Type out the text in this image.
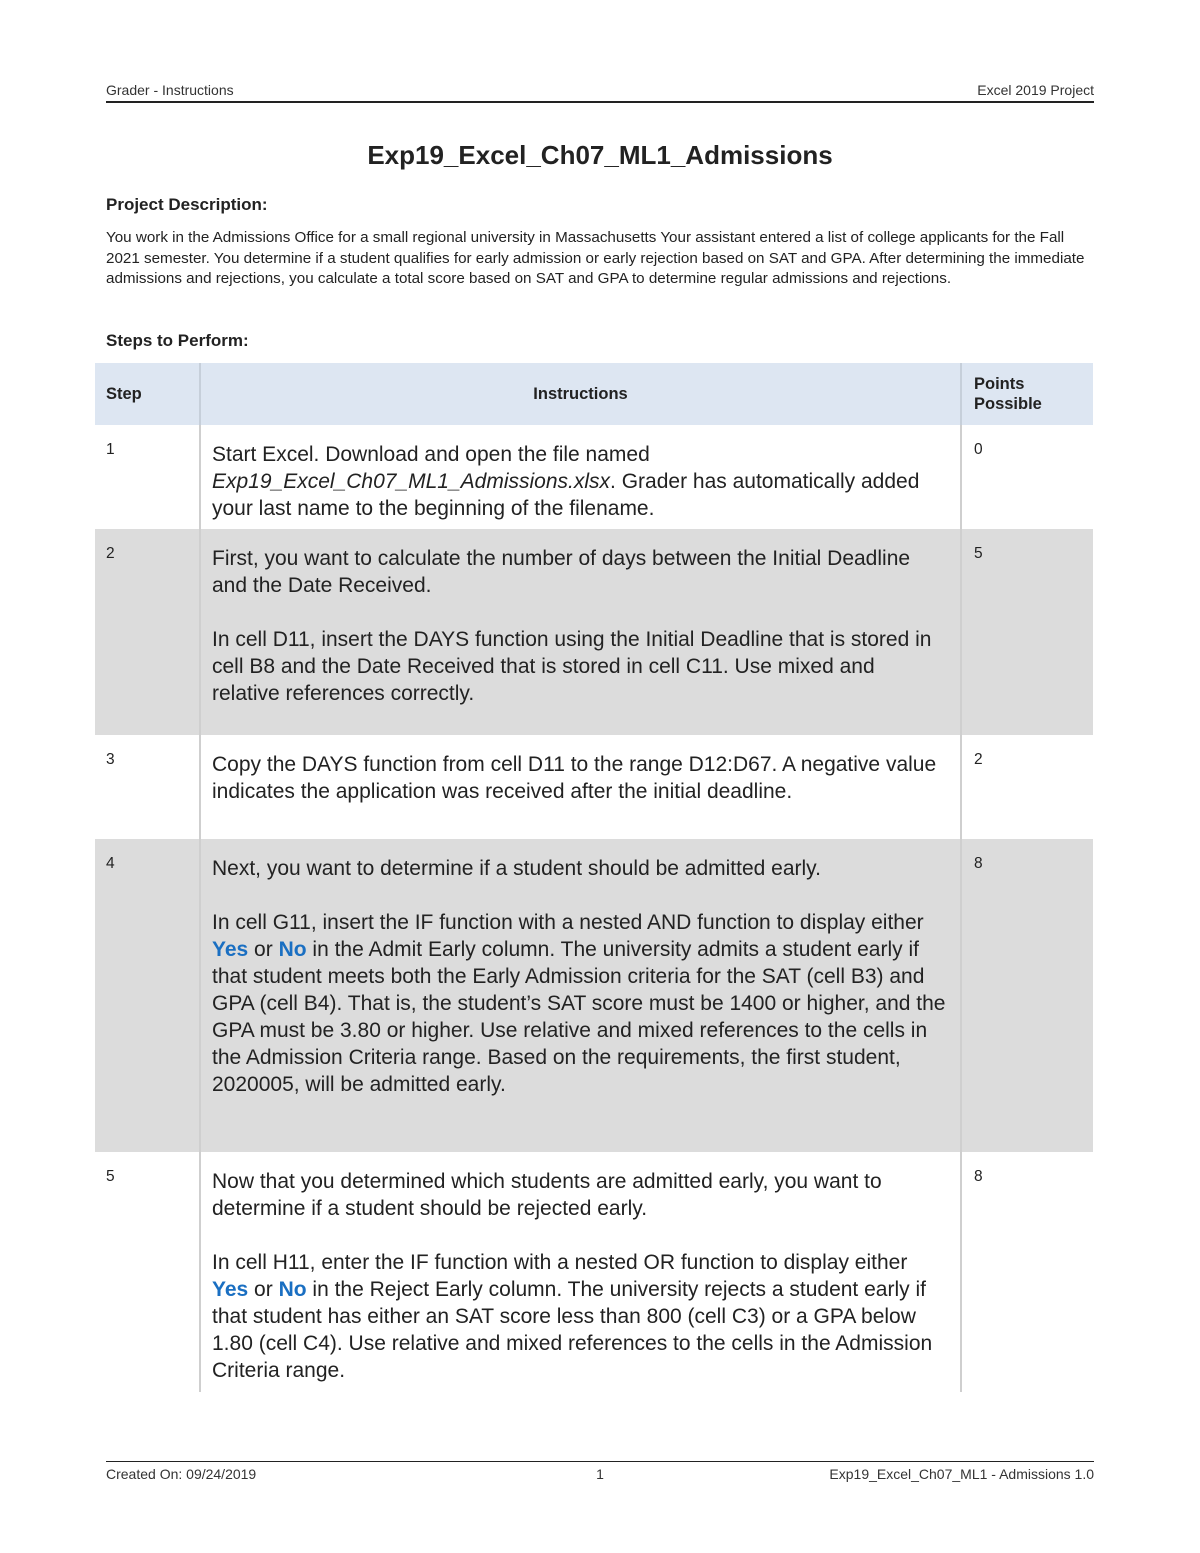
Grader - Instructions	Excel 2019 Project
Exp19_Excel_Ch07_ML1_Admissions
Project Description:
You work in the Admissions Office for a small regional university in Massachusetts Your assistant entered a list of college applicants for the Fall 2021 semester. You determine if a student qualifies for early admission or early rejection based on SAT and GPA. After determining the immediate admissions and rejections, you calculate a total score based on SAT and GPA to determine regular admissions and rejections.
Steps to Perform:
Step	Instructions	Points Possible
1	Start Excel. Download and open the file named Exp19_Excel_Ch07_ML1_Admissions.xlsx. Grader has automatically added your last name to the beginning of the filename.	0
2	First, you want to calculate the number of days between the Initial Deadline and the Date Received.

In cell D11, insert the DAYS function using the Initial Deadline that is stored in cell B8 and the Date Received that is stored in cell C11. Use mixed and relative references correctly.	5
3	Copy the DAYS function from cell D11 to the range D12:D67. A negative value indicates the application was received after the initial deadline.	2
4	Next, you want to determine if a student should be admitted early.

In cell G11, insert the IF function with a nested AND function to display either Yes or No in the Admit Early column. The university admits a student early if that student meets both the Early Admission criteria for the SAT (cell B3) and GPA (cell B4). That is, the student’s SAT score must be 1400 or higher, and the GPA must be 3.80 or higher. Use relative and mixed references to the cells in the Admission Criteria range. Based on the requirements, the first student, 2020005, will be admitted early.	8
5	Now that you determined which students are admitted early, you want to determine if a student should be rejected early.

In cell H11, enter the IF function with a nested OR function to display either Yes or No in the Reject Early column. The university rejects a student early if that student has either an SAT score less than 800 (cell C3) or a GPA below 1.80 (cell C4). Use relative and mixed references to the cells in the Admission Criteria range.	8
Created On: 09/24/2019	1	Exp19_Excel_Ch07_ML1 - Admissions 1.0
